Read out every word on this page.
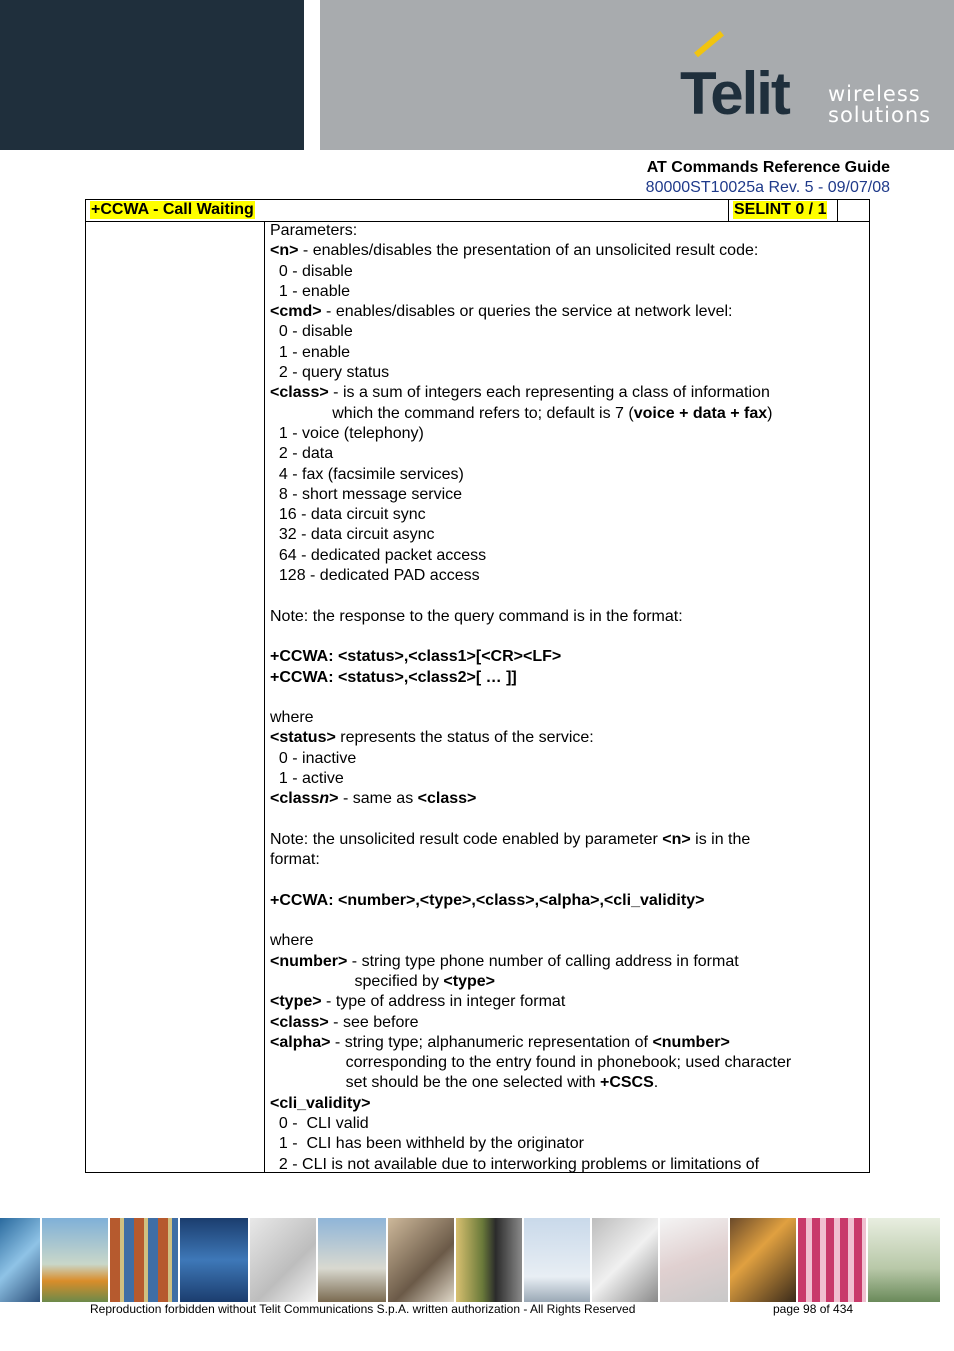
Telit wireless
solutions
AT Commands Reference Guide
80000ST10025a Rev. 5 - 09/07/08
+CCWA - Call Waiting	SELINT 0 / 1

Parameters:

<n> - enables/disables the presentation of an unsolicited result code:

0 - disable

1 - enable

<cmd> - enables/disables or queries the service at network level:

0 - disable

1 - enable

2 - query status

<class> - is a sum of integers each representing a class of information

which the command refers to; default is 7 (voice + data + fax)

1 - voice (telephony)

2 - data

4 - fax (facsimile services)

8 - short message service

16 - data circuit sync

32 - data circuit async

64 - dedicated packet access

128 - dedicated PAD access

Note: the response to the query command is in the format:

+CCWA: <status>,<class1>[<CR><LF>

+CCWA: <status>,<class2>[ … ]]

where

<status> represents the status of the service:

0 - inactive

1 - active

<classn> - same as <class>

Note: the unsolicited result code enabled by parameter <n> is in the

format:

+CCWA: <number>,<type>,<class>,<alpha>,<cli_validity>

where

<number> - string type phone number of calling address in format

specified by <type>

<type> - type of address in integer format

<class> - see before

<alpha> - string type; alphanumeric representation of <number>

corresponding to the entry found in phonebook; used character

set should be the one selected with +CSCS.

<cli_validity>

0 -  CLI valid

1 -  CLI has been withheld by the originator

2 - CLI is not available due to interworking problems or limitations of

Reproduction forbidden without Telit Communications S.p.A. written authorization - All Rights Reserved	page 98 of 434
